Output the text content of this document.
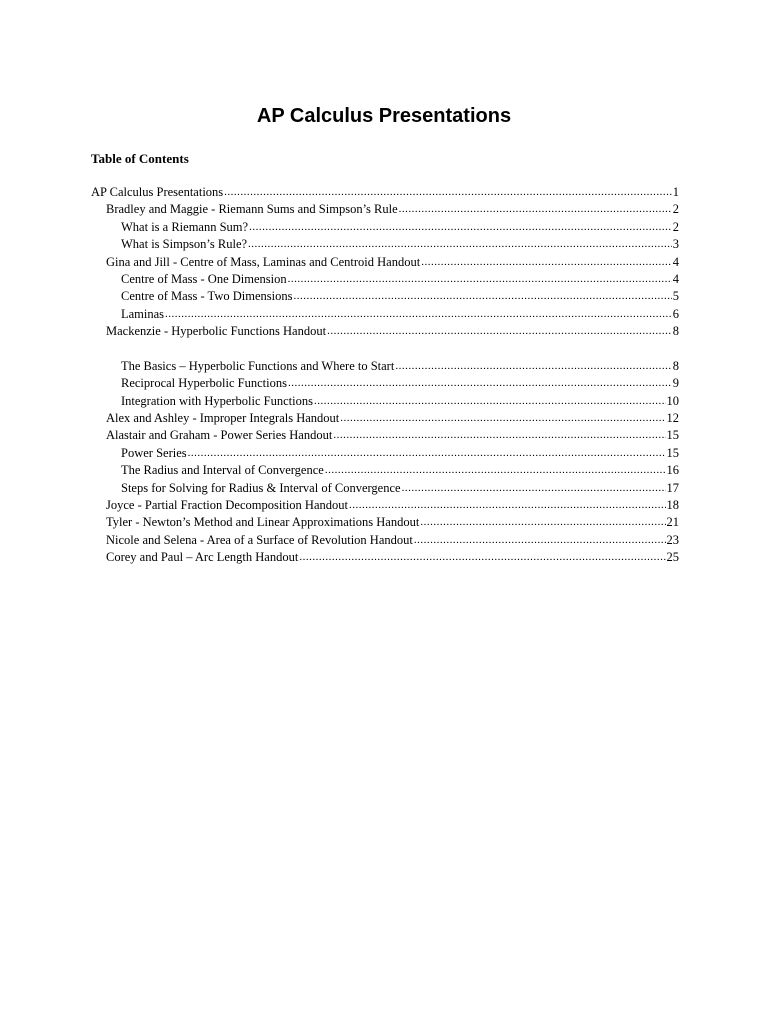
AP Calculus Presentations
Table of Contents
AP Calculus Presentations .....	1
Bradley and Maggie - Riemann Sums and Simpson’s Rule .....	2
What is a Riemann Sum? .....	2
What is Simpson’s Rule? .....	3
Gina and Jill - Centre of Mass, Laminas and Centroid Handout .....	4
Centre of Mass - One Dimension .....	4
Centre of Mass - Two Dimensions .....	5
Laminas .....	6
Mackenzie - Hyperbolic Functions Handout .....	8
The Basics – Hyperbolic Functions and Where to Start .....	8
Reciprocal Hyperbolic Functions .....	9
Integration with Hyperbolic Functions .....	10
Alex and Ashley - Improper Integrals Handout .....	12
Alastair and Graham - Power Series Handout .....	15
Power Series .....	15
The Radius and Interval of Convergence .....	16
Steps for Solving for Radius & Interval of Convergence .....	17
Joyce - Partial Fraction Decomposition Handout .....	18
Tyler - Newton’s Method and Linear Approximations Handout .....	21
Nicole and Selena - Area of a Surface of Revolution Handout .....	23
Corey and Paul – Arc Length Handout .....	25
